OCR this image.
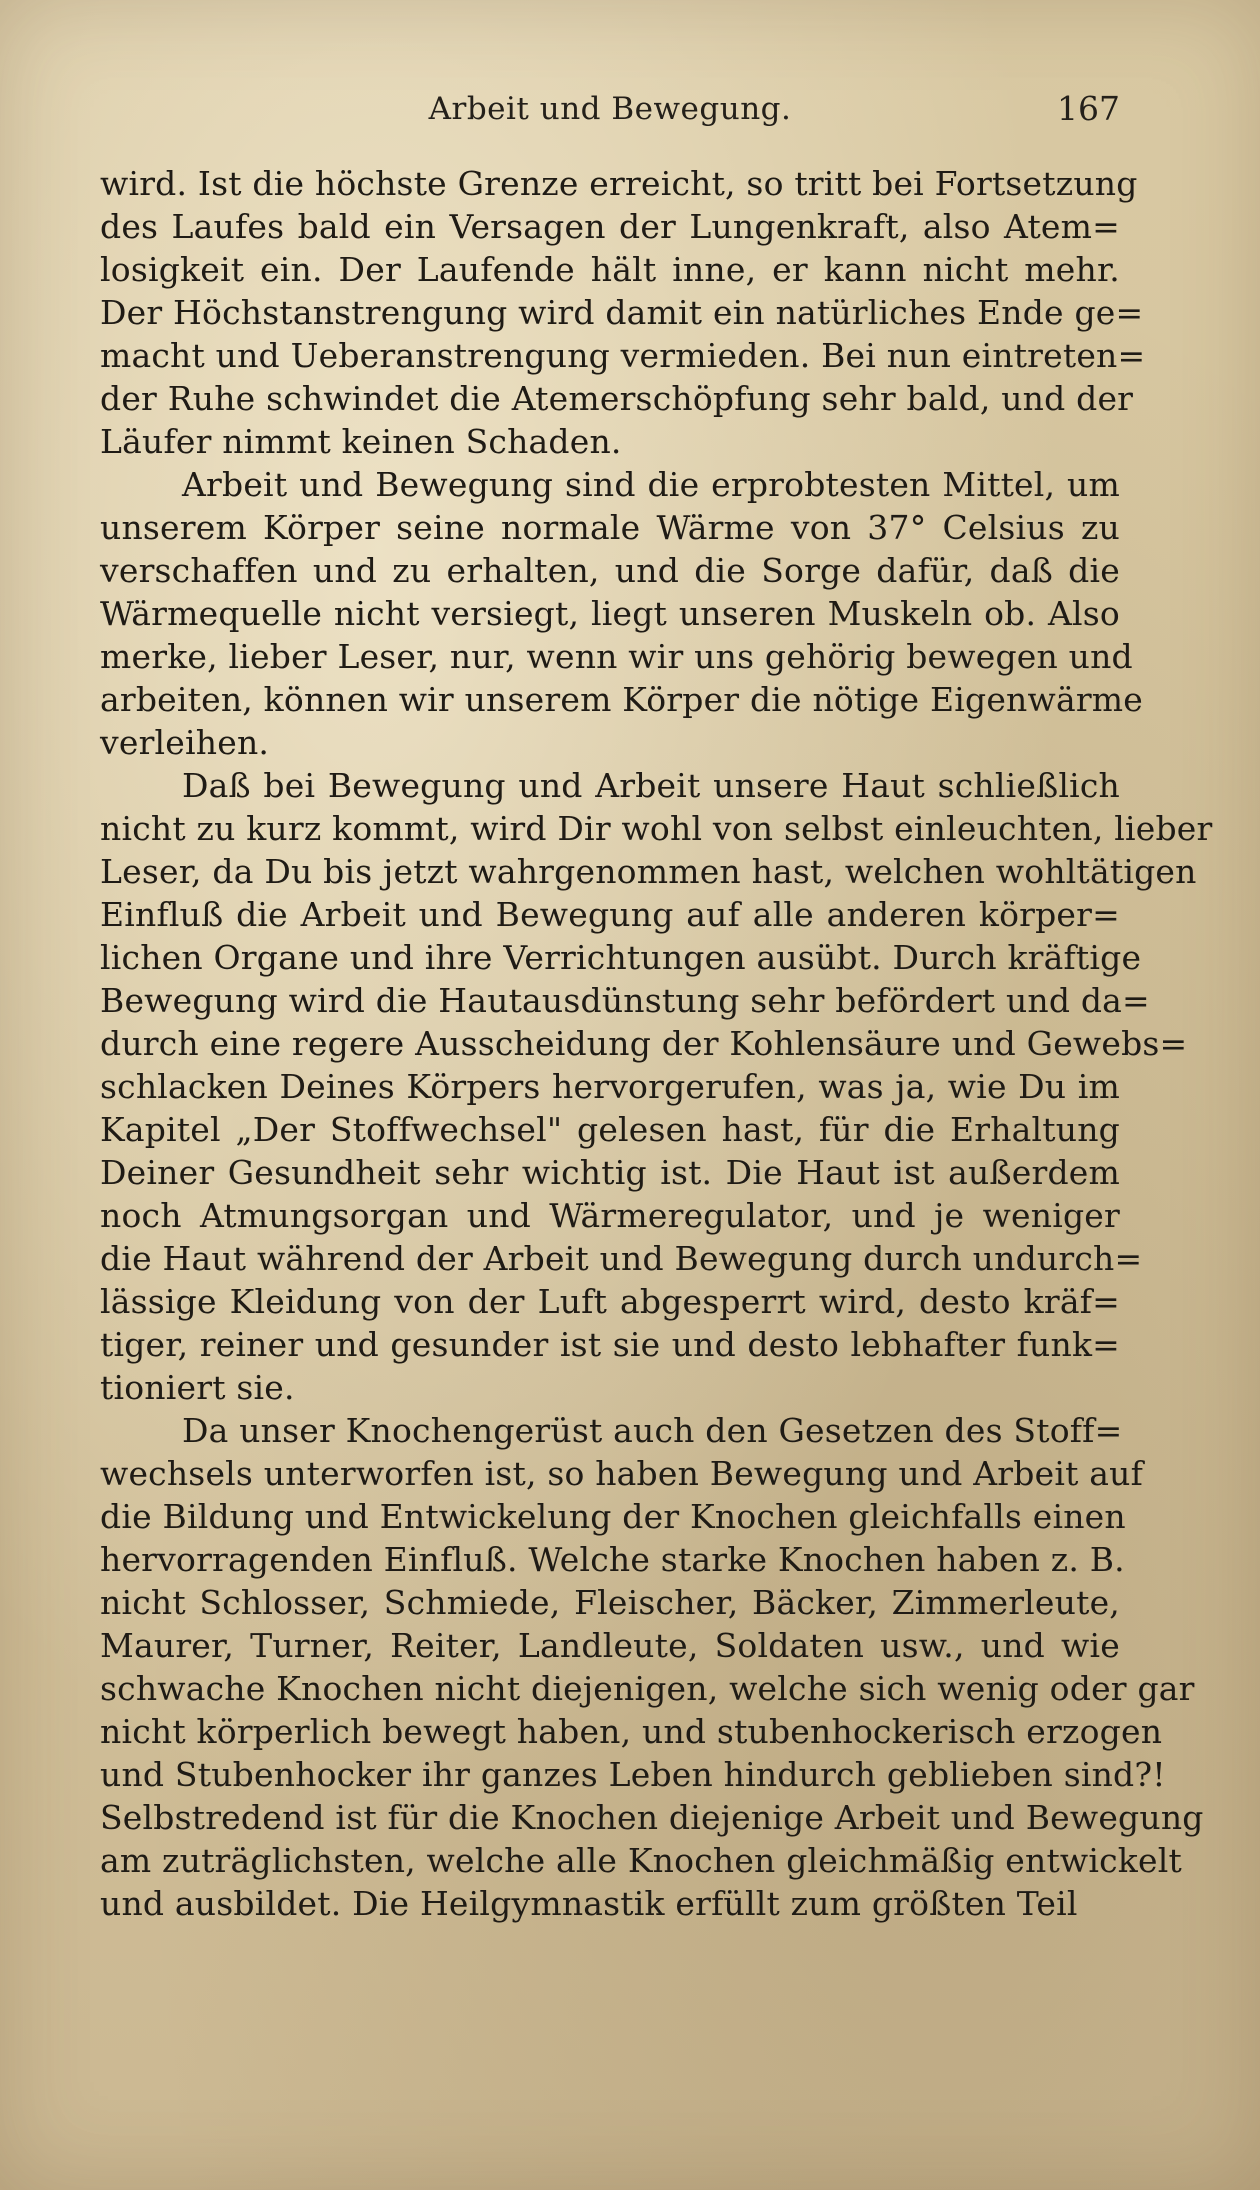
Arbeit und Bewegung.	167
wird. Ist die höchste Grenze erreicht, so tritt bei Fortsetzung
des Laufes bald ein Versagen der Lungenkraft, also Atem=
losigkeit ein. Der Laufende hält inne, er kann nicht mehr.
Der Höchstanstrengung wird damit ein natürliches Ende ge=
macht und Ueberanstrengung vermieden. Bei nun eintreten=
der Ruhe schwindet die Atemerschöpfung sehr bald, und der
Läufer nimmt keinen Schaden.
Arbeit und Bewegung sind die erprobtesten Mittel, um
unserem Körper seine normale Wärme von 37° Celsius zu
verschaffen und zu erhalten, und die Sorge dafür, daß die
Wärmequelle nicht versiegt, liegt unseren Muskeln ob. Also
merke, lieber Leser, nur, wenn wir uns gehörig bewegen und
arbeiten, können wir unserem Körper die nötige Eigenwärme
verleihen.
Daß bei Bewegung und Arbeit unsere Haut schließlich
nicht zu kurz kommt, wird Dir wohl von selbst einleuchten, lieber
Leser, da Du bis jetzt wahrgenommen hast, welchen wohltätigen
Einfluß die Arbeit und Bewegung auf alle anderen körper=
lichen Organe und ihre Verrichtungen ausübt. Durch kräftige
Bewegung wird die Hautausdünstung sehr befördert und da=
durch eine regere Ausscheidung der Kohlensäure und Gewebs=
schlacken Deines Körpers hervorgerufen, was ja, wie Du im
Kapitel „Der Stoffwechsel" gelesen hast, für die Erhaltung
Deiner Gesundheit sehr wichtig ist. Die Haut ist außerdem
noch Atmungsorgan und Wärmeregulator, und je weniger
die Haut während der Arbeit und Bewegung durch undurch=
lässige Kleidung von der Luft abgesperrt wird, desto kräf=
tiger, reiner und gesunder ist sie und desto lebhafter funk=
tioniert sie.
Da unser Knochengerüst auch den Gesetzen des Stoff=
wechsels unterworfen ist, so haben Bewegung und Arbeit auf
die Bildung und Entwickelung der Knochen gleichfalls einen
hervorragenden Einfluß. Welche starke Knochen haben z. B.
nicht Schlosser, Schmiede, Fleischer, Bäcker, Zimmerleute,
Maurer, Turner, Reiter, Landleute, Soldaten usw., und wie
schwache Knochen nicht diejenigen, welche sich wenig oder gar
nicht körperlich bewegt haben, und stubenhockerisch erzogen
und Stubenhocker ihr ganzes Leben hindurch geblieben sind?!
Selbstredend ist für die Knochen diejenige Arbeit und Bewegung
am zuträglichsten, welche alle Knochen gleichmäßig entwickelt
und ausbildet. Die Heilgymnastik erfüllt zum größten Teil
